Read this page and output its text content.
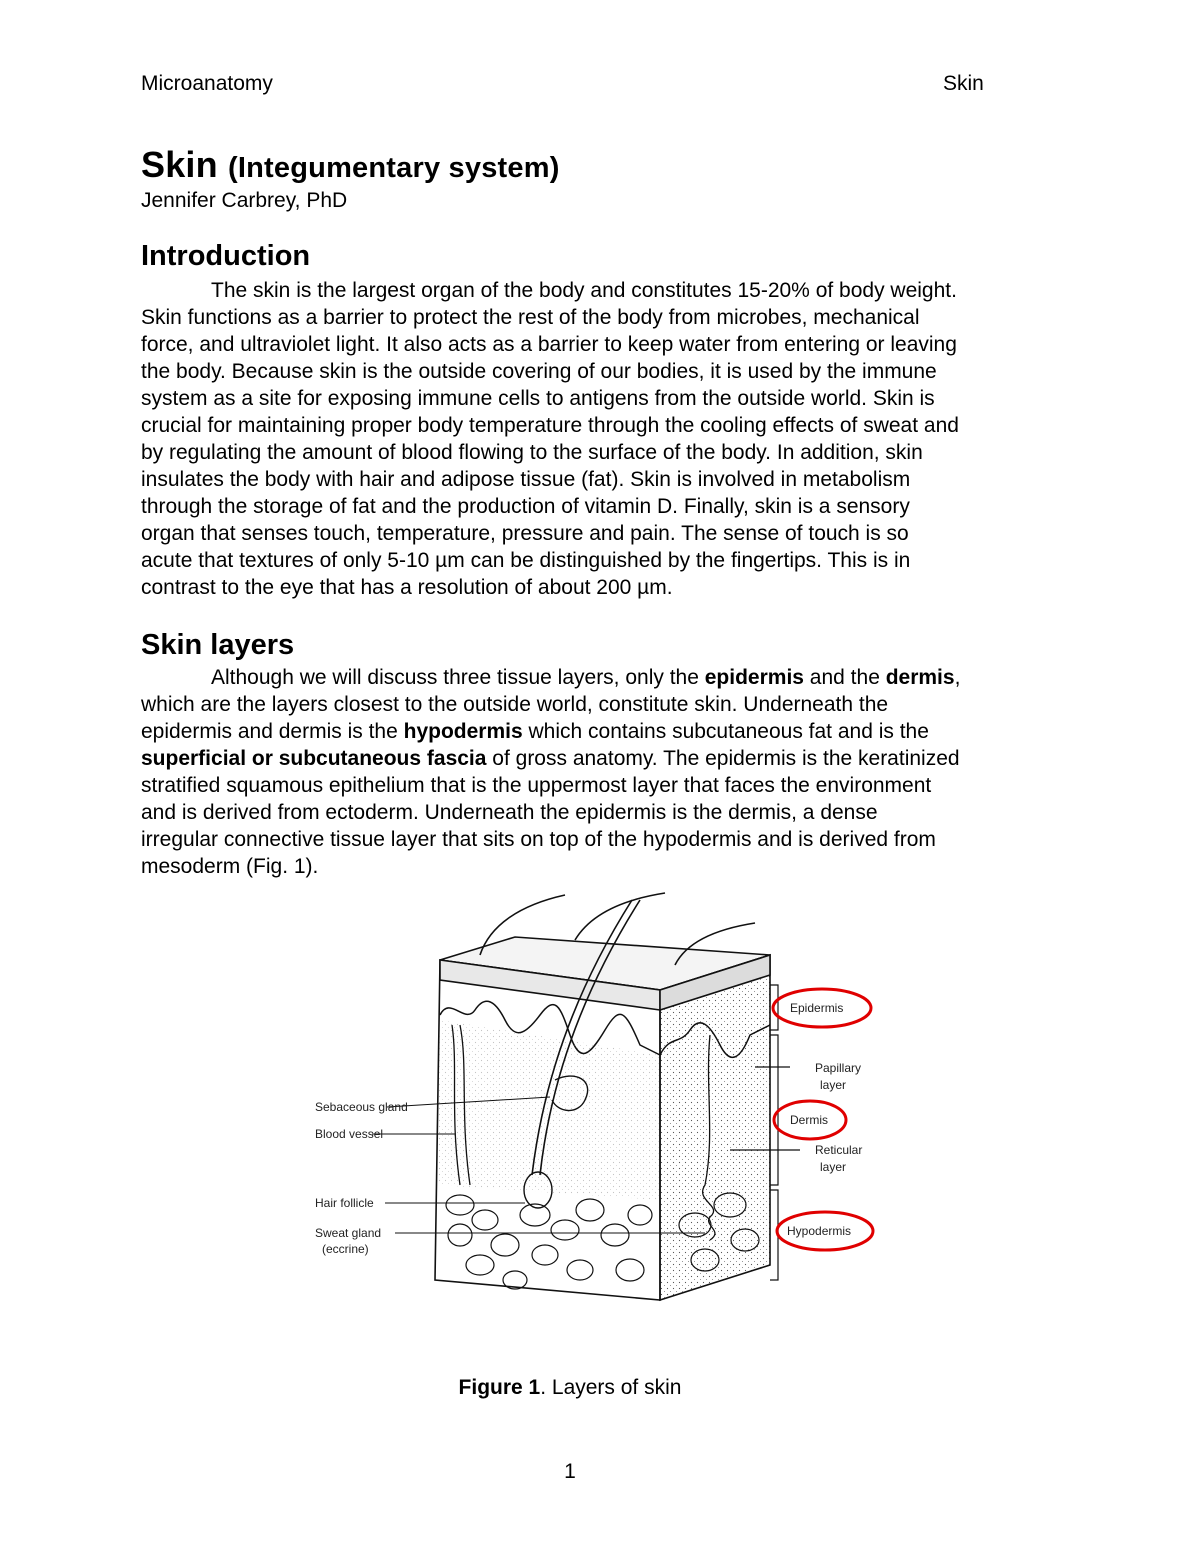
Microanatomy	Skin
Skin (Integumentary system)
Jennifer Carbrey, PhD
Introduction
The skin is the largest organ of the body and constitutes 15-20% of body weight.
Skin functions as a barrier to protect the rest of the body from microbes, mechanical
force, and ultraviolet light. It also acts as a barrier to keep water from entering or leaving
the body. Because skin is the outside covering of our bodies, it is used by the immune
system as a site for exposing immune cells to antigens from the outside world. Skin is
crucial for maintaining proper body temperature through the cooling effects of sweat and
by regulating the amount of blood flowing to the surface of the body. In addition, skin
insulates the body with hair and adipose tissue (fat). Skin is involved in metabolism
through the storage of fat and the production of vitamin D. Finally, skin is a sensory
organ that senses touch, temperature, pressure and pain. The sense of touch is so
acute that textures of only 5-10 µm can be distinguished by the fingertips. This is in
contrast to the eye that has a resolution of about 200 µm.
Skin layers
Although we will discuss three tissue layers, only the epidermis and the dermis,
which are the layers closest to the outside world, constitute skin. Underneath the
epidermis and dermis is the hypodermis which contains subcutaneous fat and is the
superficial or subcutaneous fascia of gross anatomy. The epidermis is the keratinized
stratified squamous epithelium that is the uppermost layer that faces the environment
and is derived from ectoderm. Underneath the epidermis is the dermis, a dense
irregular connective tissue layer that sits on top of the hypodermis and is derived from
mesoderm (Fig. 1).
Sebaceous gland
Blood vessel
Hair follicle
Sweat gland
(eccrine)
Epidermis
Papillary
layer
Dermis
Reticular
layer
Hypodermis
Figure 1. Layers of skin
1
